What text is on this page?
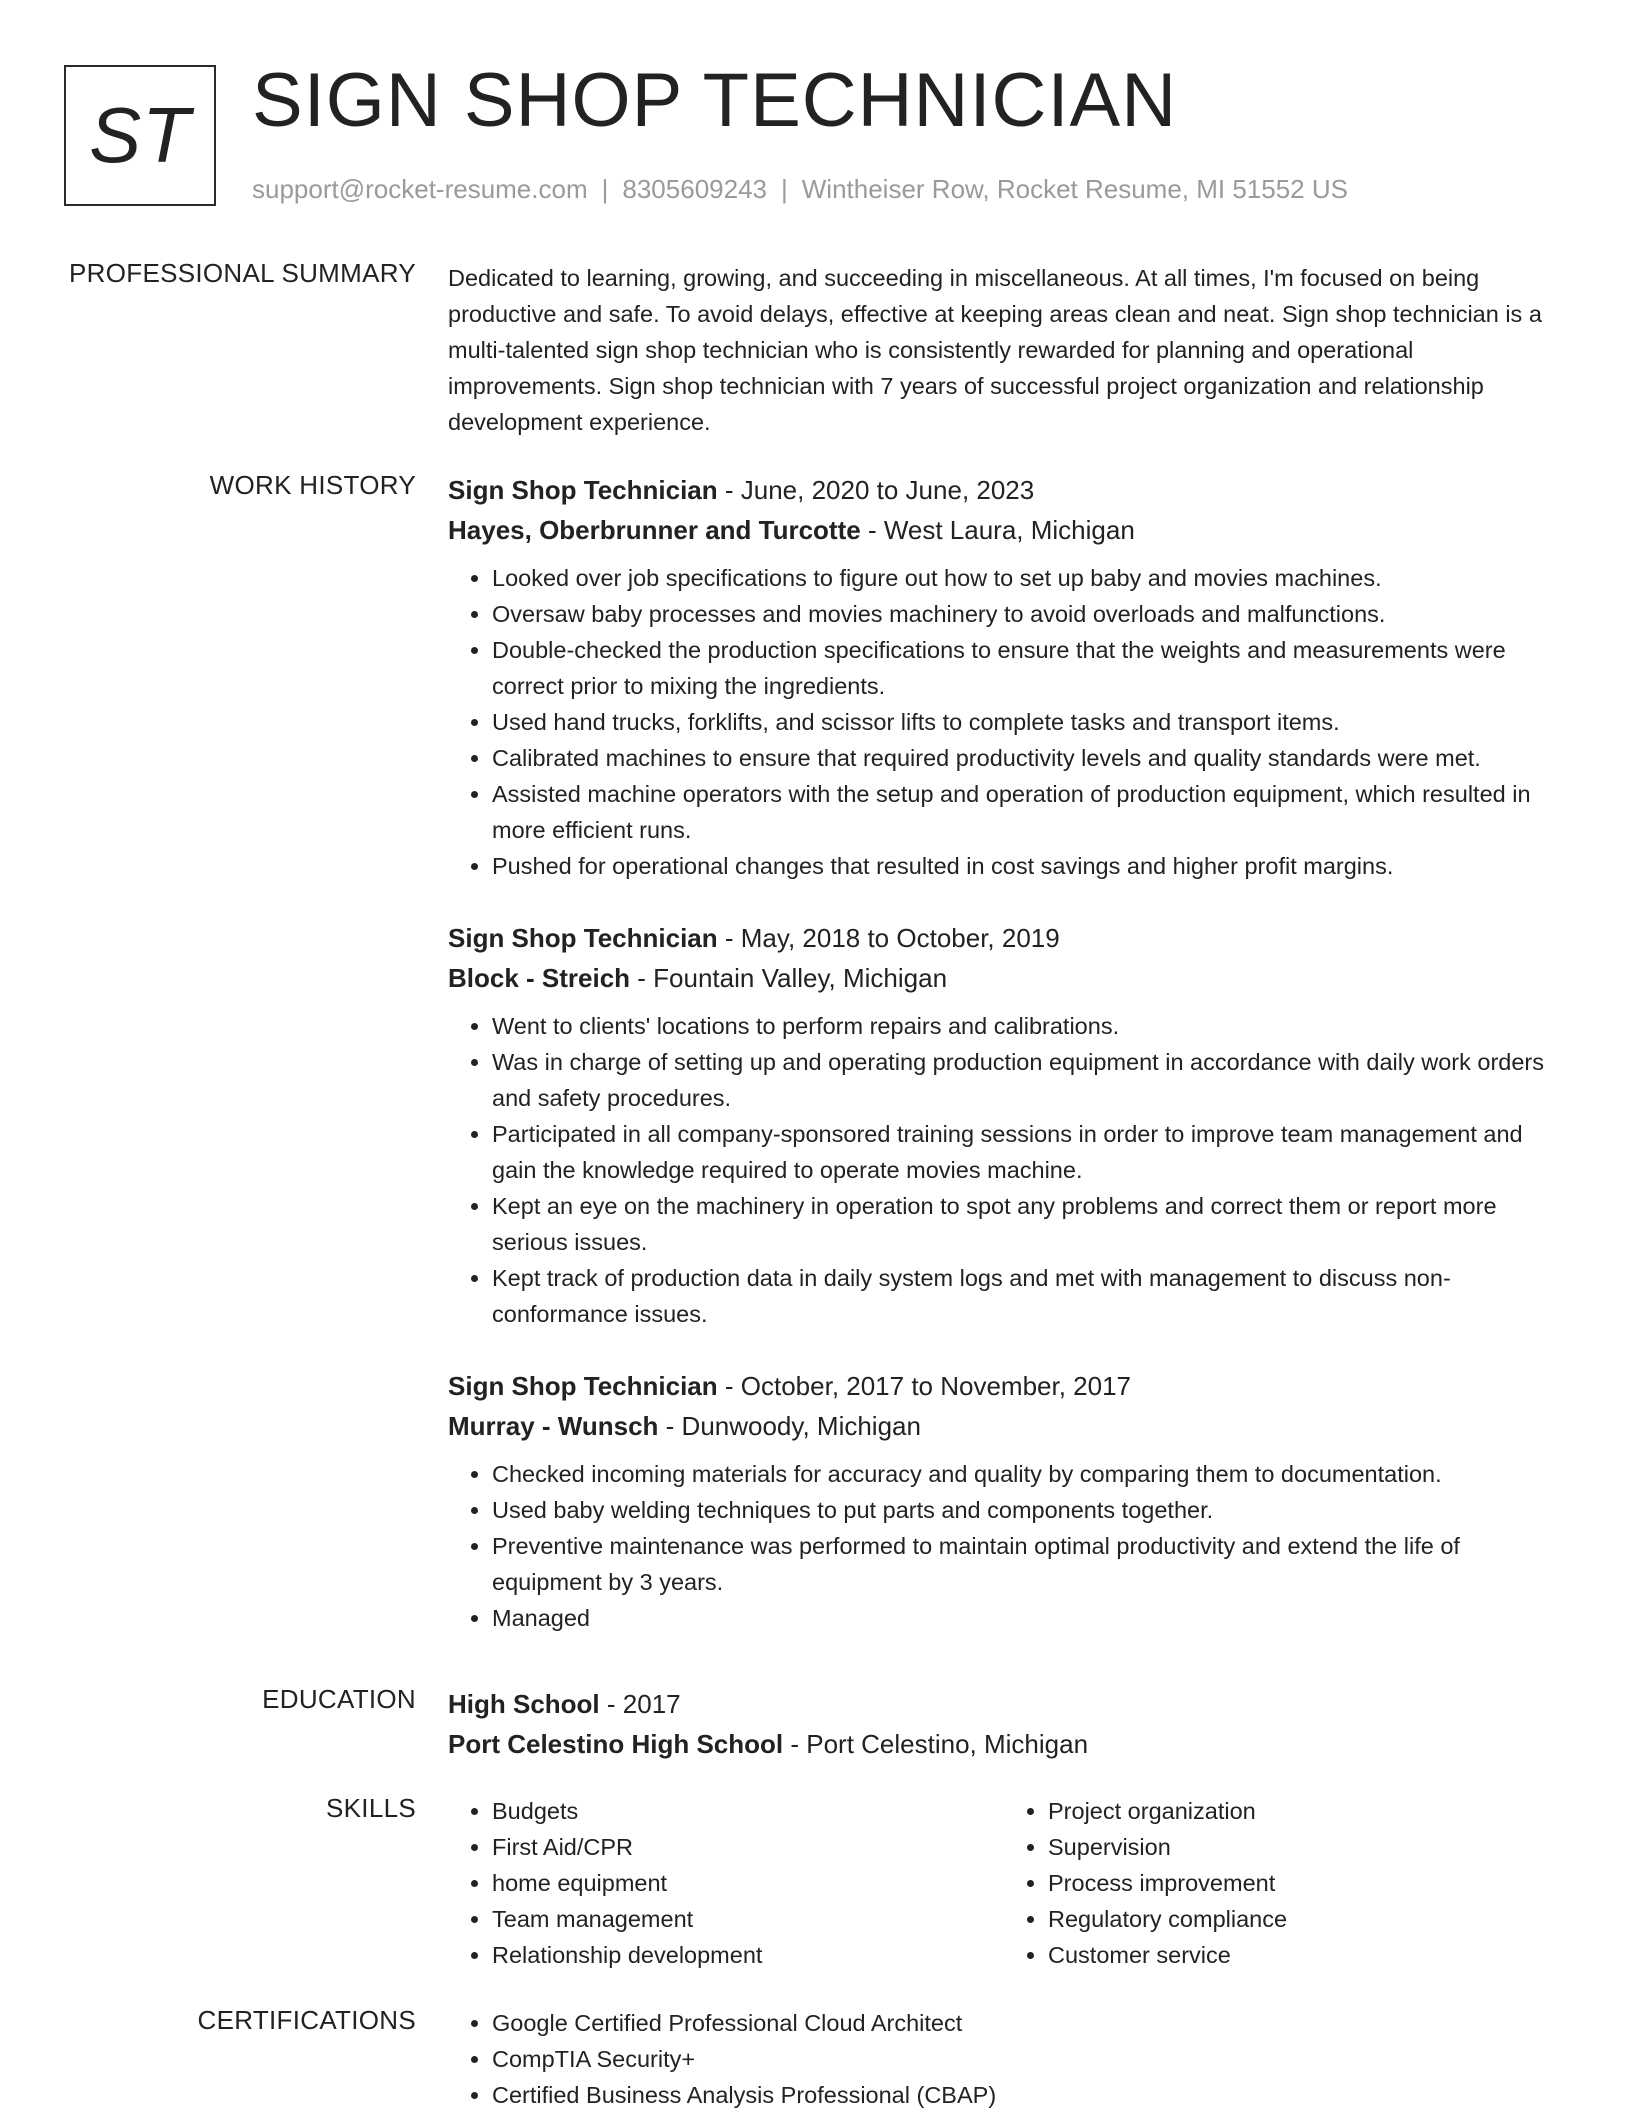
ST SIGN SHOP TECHNICIAN
support@rocket-resume.com | 8305609243 | Wintheiser Row, Rocket Resume, MI 51552 US
PROFESSIONAL SUMMARY Dedicated to learning, growing, and succeeding in miscellaneous. At all times, I'm focused on being productive and safe. To avoid delays, effective at keeping areas clean and neat. Sign shop technician is a multi-talented sign shop technician who is consistently rewarded for planning and operational improvements. Sign shop technician with 7 years of successful project organization and relationship development experience.
WORK HISTORY Sign Shop Technician - June, 2020 to June, 2023
Hayes, Oberbrunner and Turcotte - West Laura, Michigan
• Looked over job specifications to figure out how to set up baby and movies machines.
• Oversaw baby processes and movies machinery to avoid overloads and malfunctions.
• Double-checked the production specifications to ensure that the weights and measurements were correct prior to mixing the ingredients.
• Used hand trucks, forklifts, and scissor lifts to complete tasks and transport items.
• Calibrated machines to ensure that required productivity levels and quality standards were met.
• Assisted machine operators with the setup and operation of production equipment, which resulted in more efficient runs.
• Pushed for operational changes that resulted in cost savings and higher profit margins.
Sign Shop Technician - May, 2018 to October, 2019
Block - Streich - Fountain Valley, Michigan
• Went to clients' locations to perform repairs and calibrations.
• Was in charge of setting up and operating production equipment in accordance with daily work orders and safety procedures.
• Participated in all company-sponsored training sessions in order to improve team management and gain the knowledge required to operate movies machine.
• Kept an eye on the machinery in operation to spot any problems and correct them or report more serious issues.
• Kept track of production data in daily system logs and met with management to discuss non-conformance issues.
Sign Shop Technician - October, 2017 to November, 2017
Murray - Wunsch - Dunwoody, Michigan
• Checked incoming materials for accuracy and quality by comparing them to documentation.
• Used baby welding techniques to put parts and components together.
• Preventive maintenance was performed to maintain optimal productivity and extend the life of equipment by 3 years.
• Managed
EDUCATION High School - 2017
Port Celestino High School - Port Celestino, Michigan
SKILLS	• Budgets
• First Aid/CPR
• home equipment
• Team management
• Relationship development
• Project organization
• Supervision
• Process improvement
• Regulatory compliance
• Customer service
CERTIFICATIONS	• Google Certified Professional Cloud Architect
• CompTIA Security+
• Certified Business Analysis Professional (CBAP)
